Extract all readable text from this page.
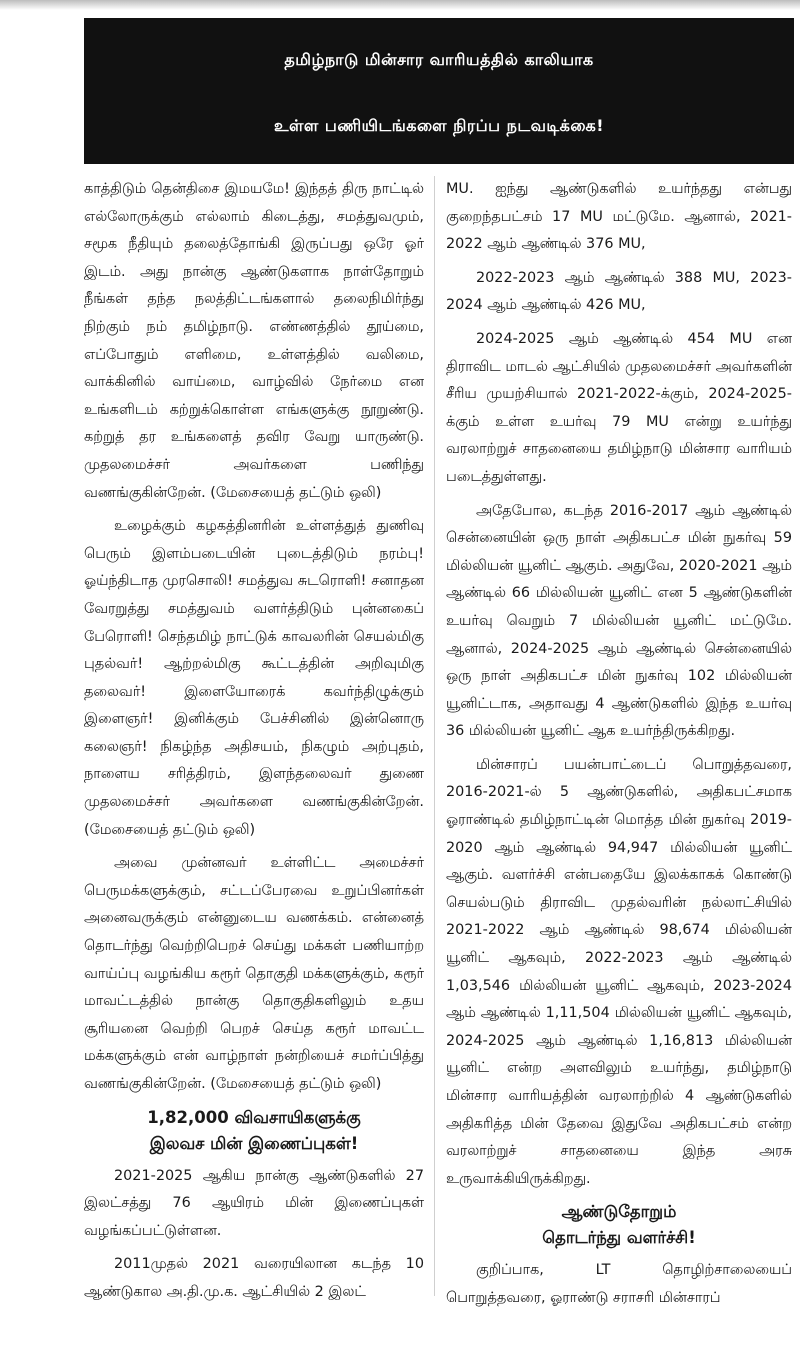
தமிழ்நாடு மின்சார வாரியத்தில் காலியாக
உள்ள பணியிடங்களை நிரப்ப நடவடிக்கை!

காத்திடும் தென்திசை இமயமே! இந்தத் திரு நாட்டில் எல்லோருக்கும் எல்லாம் கிடைத்து, சமத்துவமும், சமூக நீதியும் தலைத்தோங்கி இருப்பது ஒரே ஓர் இடம். அது நான்கு ஆண்டுகளாக நாள்தோறும் நீங்கள் தந்த நலத்திட்டங்களால் தலைநிமிர்ந்து நிற்கும் நம் தமிழ்நாடு. எண்ணத்தில் தூய்மை, எப்போதும் எளிமை, உள்ளத்தில் வலிமை, வாக்கினில் வாய்மை, வாழ்வில் நேர்மை என உங்களிடம் கற்றுக்கொள்ள எங்களுக்கு நூறுண்டு. கற்றுத் தர உங்களைத் தவிர வேறு யாருண்டு. முதலமைச்சர் அவர்களை பணிந்து வணங்குகின்றேன். (மேசையைத் தட்டும் ஒலி)

உழைக்கும் கழகத்தினரின் உள்ளத்துத் துணிவு பெரும் இளம்படையின் புடைத்திடும் நரம்பு! ஓய்ந்திடாத முரசொலி! சமத்துவ சுடரொளி! சனாதன வேரறுத்து சமத்துவம் வளர்த்திடும் புன்னகைப் பேரொளி! செந்தமிழ் நாட்டுக் காவலரின் செயல்மிகு புதல்வர்! ஆற்றல்மிகு கூட்டத்தின் அறிவுமிகு தலைவர்! இளையோரைக் கவர்ந்திழுக்கும் இளைஞர்! இனிக்கும் பேச்சினில் இன்னொரு கலைஞர்! நிகழ்ந்த அதிசயம், நிகழும் அற்புதம், நாளைய சரித்திரம், இளந்தலைவர் துணை முதலமைச்சர் அவர்களை வணங்குகின்றேன். (மேசையைத் தட்டும் ஒலி)

அவை முன்னவர் உள்ளிட்ட அமைச்சர் பெருமக்களுக்கும், சட்டப்பேரவை உறுப்பினர்கள் அனைவருக்கும் என்னுடைய வணக்கம். என்னைத் தொடர்ந்து வெற்றிபெறச் செய்து மக்கள் பணியாற்ற வாய்ப்பு வழங்கிய கரூர் தொகுதி மக்களுக்கும், கரூர் மாவட்டத்தில் நான்கு தொகுதிகளிலும் உதய சூரியனை வெற்றி பெறச் செய்த கரூர் மாவட்ட மக்களுக்கும் என் வாழ்நாள் நன்றியைச் சமர்ப்பித்து வணங்குகின்றேன். (மேசையைத் தட்டும் ஒலி)

1,82,000 விவசாயிகளுக்கு
இலவச மின் இணைப்புகள்!

2021-2025 ஆகிய நான்கு ஆண்டுகளில் 27 இலட்சத்து 76 ஆயிரம் மின் இணைப்புகள் வழங்கப்பட்டுள்ளன.

2011முதல் 2021 வரையிலான கடந்த 10 ஆண்டுகால அ.தி.மு.க. ஆட்சியில் 2 இலட்

MU. ஐந்து ஆண்டுகளில் உயர்ந்தது என்பது குறைந்தபட்சம் 17 MU மட்டுமே. ஆனால், 2021-2022 ஆம் ஆண்டில் 376 MU,

2022-2023 ஆம் ஆண்டில் 388 MU, 2023-2024 ஆம் ஆண்டில் 426 MU,

2024-2025 ஆம் ஆண்டில் 454 MU என திராவிட மாடல் ஆட்சியில் முதலமைச்சர் அவர்களின் சீரிய முயற்சியால் 2021-2022-க்கும், 2024-2025-க்கும் உள்ள உயர்வு 79 MU என்று உயர்ந்து வரலாற்றுச் சாதனையை தமிழ்நாடு மின்சார வாரியம் படைத்துள்ளது.

அதேபோல, கடந்த 2016-2017 ஆம் ஆண்டில் சென்னையின் ஒரு நாள் அதிகபட்ச மின் நுகர்வு 59 மில்லியன் யூனிட் ஆகும். அதுவே, 2020-2021 ஆம் ஆண்டில் 66 மில்லியன் யூனிட் என 5 ஆண்டுகளின் உயர்வு வெறும் 7 மில்லியன் யூனிட் மட்டுமே. ஆனால், 2024-2025 ஆம் ஆண்டில் சென்னையில் ஒரு நாள் அதிகபட்ச மின் நுகர்வு 102 மில்லியன் யூனிட்டாக, அதாவது 4 ஆண்டுகளில் இந்த உயர்வு 36 மில்லியன் யூனிட் ஆக உயர்ந்திருக்கிறது.

மின்சாரப் பயன்பாட்டைப் பொறுத்தவரை, 2016-2021-ல் 5 ஆண்டுகளில், அதிகபட்சமாக ஓராண்டில் தமிழ்நாட்டின் மொத்த மின் நுகர்வு 2019-2020 ஆம் ஆண்டில் 94,947 மில்லியன் யூனிட் ஆகும். வளர்ச்சி என்பதையே இலக்காகக் கொண்டு செயல்படும் திராவிட முதல்வரின் நல்லாட்சியில் 2021-2022 ஆம் ஆண்டில் 98,674 மில்லியன் யூனிட் ஆகவும், 2022-2023 ஆம் ஆண்டில் 1,03,546 மில்லியன் யூனிட் ஆகவும், 2023-2024 ஆம் ஆண்டில் 1,11,504 மில்லியன் யூனிட் ஆகவும், 2024-2025 ஆம் ஆண்டில் 1,16,813 மில்லியன் யூனிட் என்ற அளவிலும் உயர்ந்து, தமிழ்நாடு மின்சார வாரியத்தின் வரலாற்றில் 4 ஆண்டுகளில் அதிகரித்த மின் தேவை இதுவே அதிகபட்சம் என்ற வரலாற்றுச் சாதனையை இந்த அரசு உருவாக்கியிருக்கிறது.

ஆண்டுதோறும்
தொடர்ந்து வளர்ச்சி!

குறிப்பாக, LT தொழிற்சாலையைப் பொறுத்தவரை, ஓராண்டு சராசரி மின்சாரப்
